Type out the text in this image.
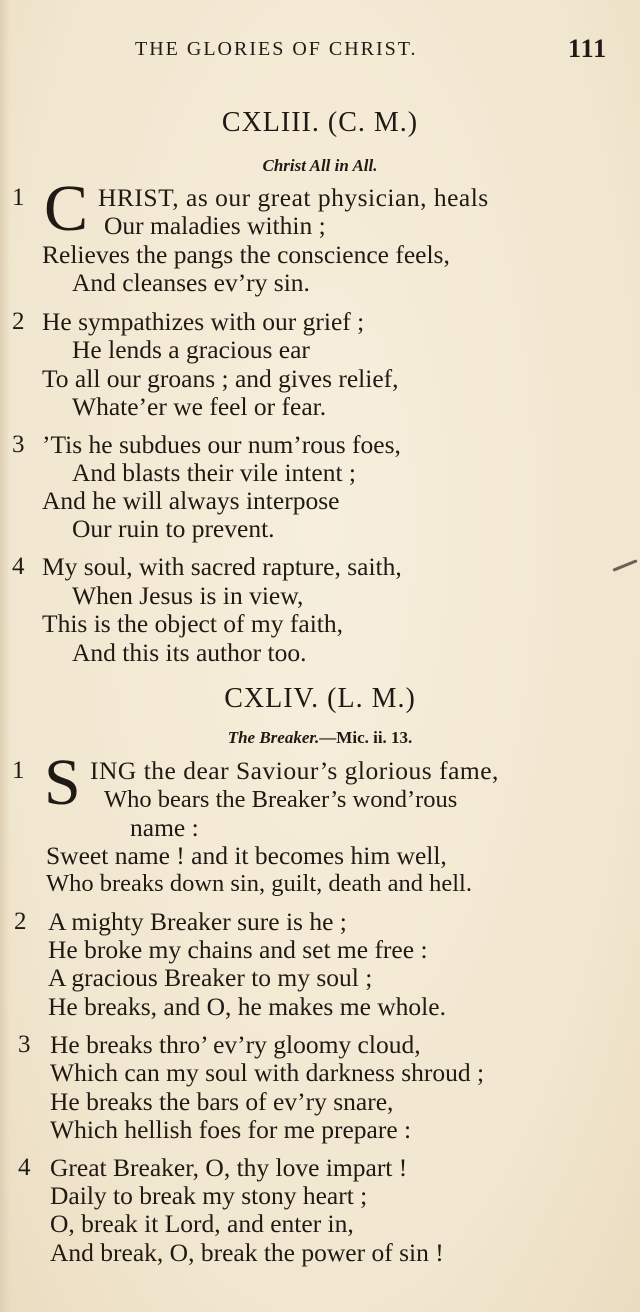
THE GLORIES OF CHRIST.	111
CXLIII. (C. M.)
Christ All in All.
1 C HRIST, as our great physician, heals
Our maladies within ;
Relieves the pangs the conscience feels,
And cleanses ev’ry sin.
2 He sympathizes with our grief ;
He lends a gracious ear
To all our groans ; and gives relief,
Whate’er we feel or fear.
3 ’Tis he subdues our num’rous foes,
And blasts their vile intent ;
And he will always interpose
Our ruin to prevent.
4 My soul, with sacred rapture, saith,
When Jesus is in view,
This is the object of my faith,
And this its author too.
CXLIV. (L. M.)
The Breaker.—Mic. ii. 13.
1 S ING the dear Saviour’s glorious fame,
Who bears the Breaker’s wond’rous
name :
Sweet name ! and it becomes him well,
Who breaks down sin, guilt, death and hell.
2 A mighty Breaker sure is he ;
He broke my chains and set me free :
A gracious Breaker to my soul ;
He breaks, and O, he makes me whole.
3 He breaks thro’ ev’ry gloomy cloud,
Which can my soul with darkness shroud ;
He breaks the bars of ev’ry snare,
Which hellish foes for me prepare :
4 Great Breaker, O, thy love impart !
Daily to break my stony heart ;
O, break it Lord, and enter in,
And break, O, break the power of sin !
